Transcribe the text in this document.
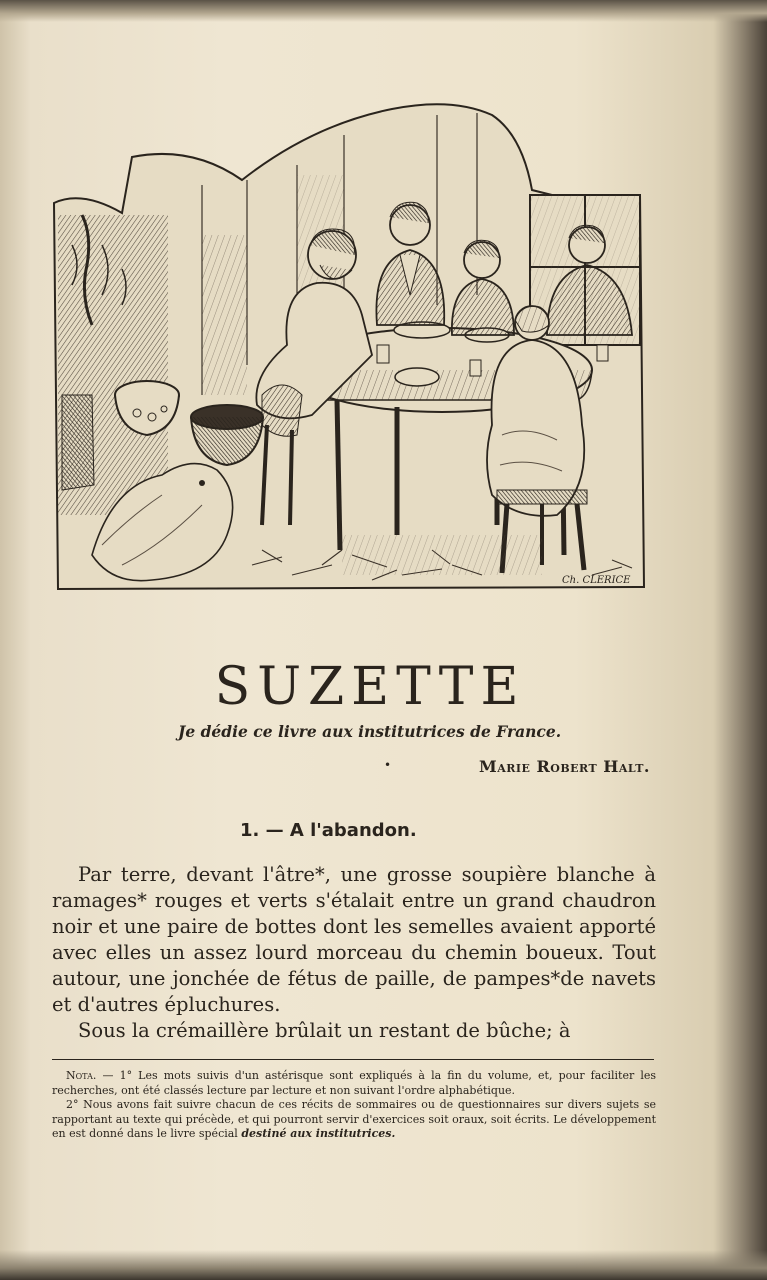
Ch. CLERICE
SUZETTE
Je dédie ce livre aux institutrices de France.
•	Marie Robert Halt.
1. — A l'abandon.

Par terre, devant l'âtre*, une grosse soupière blanche à ramages* rouges et verts s'étalait entre un grand chaudron noir et une paire de bottes dont les semelles avaient apporté avec elles un assez lourd morceau du chemin boueux. Tout autour, une jonchée de fétus de paille, de pampes*de navets et d'autres épluchures.

Sous la crémaillère brûlait un restant de bûche; à

Nota. — 1° Les mots suivis d'un astérisque sont expliqués à la fin du volume, et, pour faciliter les recherches, ont été classés lecture par lecture et non suivant l'ordre alphabétique.

2° Nous avons fait suivre chacun de ces récits de sommaires ou de questionnaires sur divers sujets se rapportant au texte qui précède, et qui pourront servir d'exercices soit oraux, soit écrits. Le développement en est donné dans le livre spécial destiné aux institutrices.
